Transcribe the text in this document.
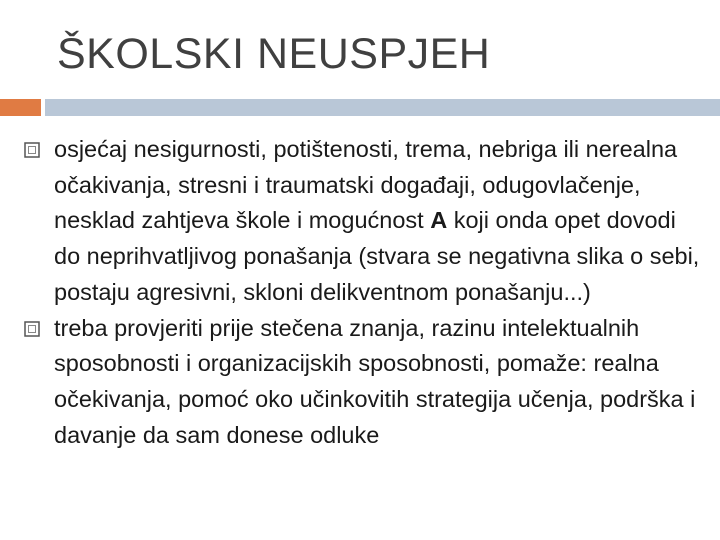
ŠKOLSKI NEUSPJEH
osjećaj nesigurnosti, potištenosti, trema, nebriga ili nerealna očakivanja, stresni i traumatski događaji, odugovlačenje, nesklad zahtjeva škole i mogućnost A koji onda opet dovodi do neprihvatljivog ponašanja (stvara se negativna slika o sebi, postaju agresivni, skloni delikventnom ponašanju...)
treba provjeriti prije stečena znanja, razinu intelektualnih sposobnosti i organizacijskih sposobnosti, pomaže: realna očekivanja, pomoć oko učinkovitih strategija učenja, podrška i davanje da sam donese odluke
